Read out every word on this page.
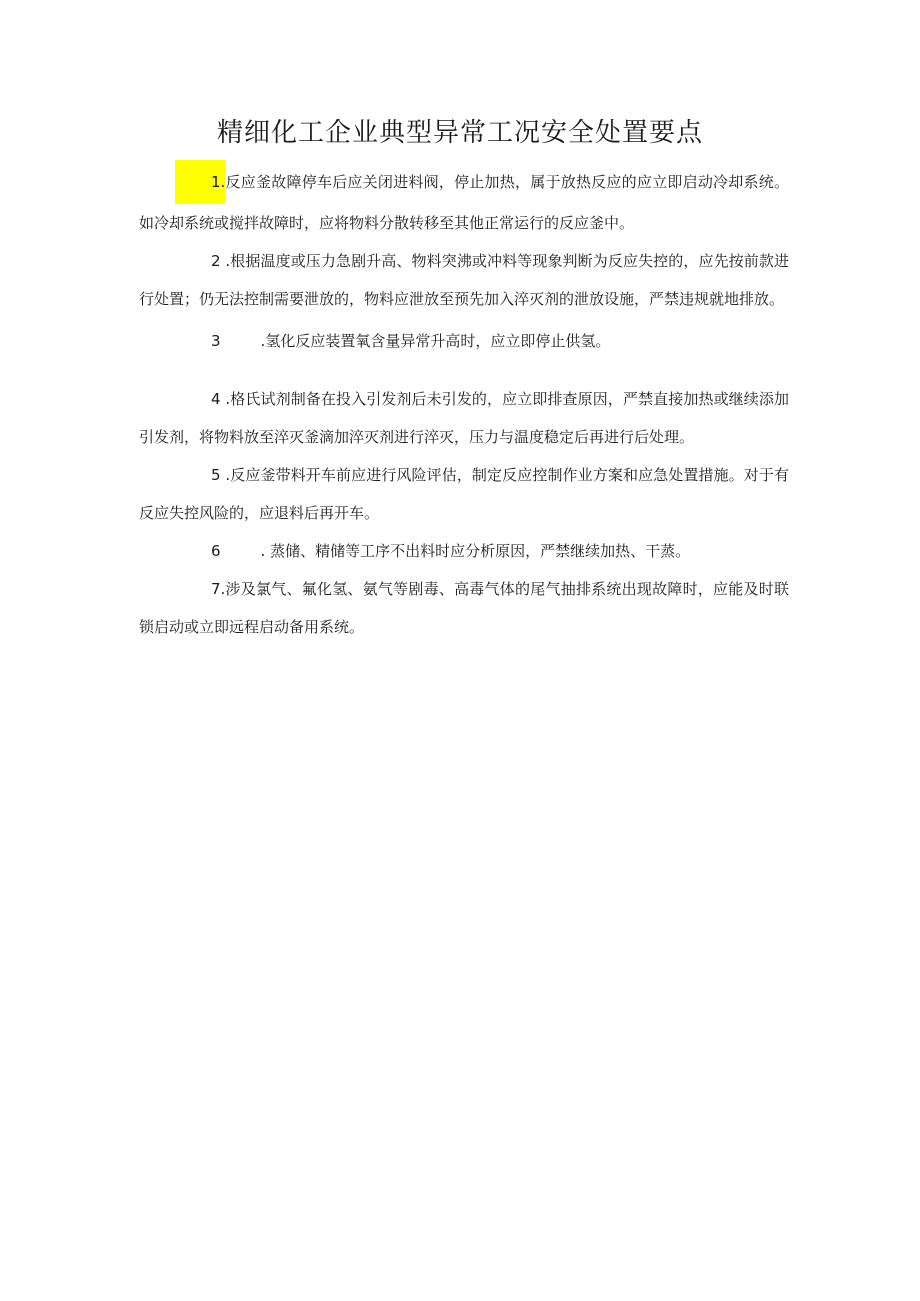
精细化工企业典型异常工况安全处置要点

1.反应釜故障停车后应关闭进料阀，停止加热，属于放热反应的应立即启动冷却系统。如冷却系统或搅拌故障时，应将物料分散转移至其他正常运行的反应釜中。

2 .根据温度或压力急剧升高、物料突沸或冲料等现象判断为反应失控的，应先按前款进行处置；仍无法控制需要泄放的，物料应泄放至预先加入淬灭剂的泄放设施，严禁违规就地排放。

3	.氢化反应装置氧含量异常升高时，应立即停止供氢。

4 .格氏试剂制备在投入引发剂后未引发的，应立即排查原因，严禁直接加热或继续添加引发剂，将物料放至淬灭釜滴加淬灭剂进行淬灭，压力与温度稳定后再进行后处理。

5 .反应釜带料开车前应进行风险评估，制定反应控制作业方案和应急处置措施。对于有反应失控风险的，应退料后再开车。

6	. 蒸储、精储等工序不出料时应分析原因，严禁继续加热、干蒸。

7.涉及氯气、氟化氢、氨气等剧毒、高毒气体的尾气抽排系统出现故障时，应能及时联锁启动或立即远程启动备用系统。
